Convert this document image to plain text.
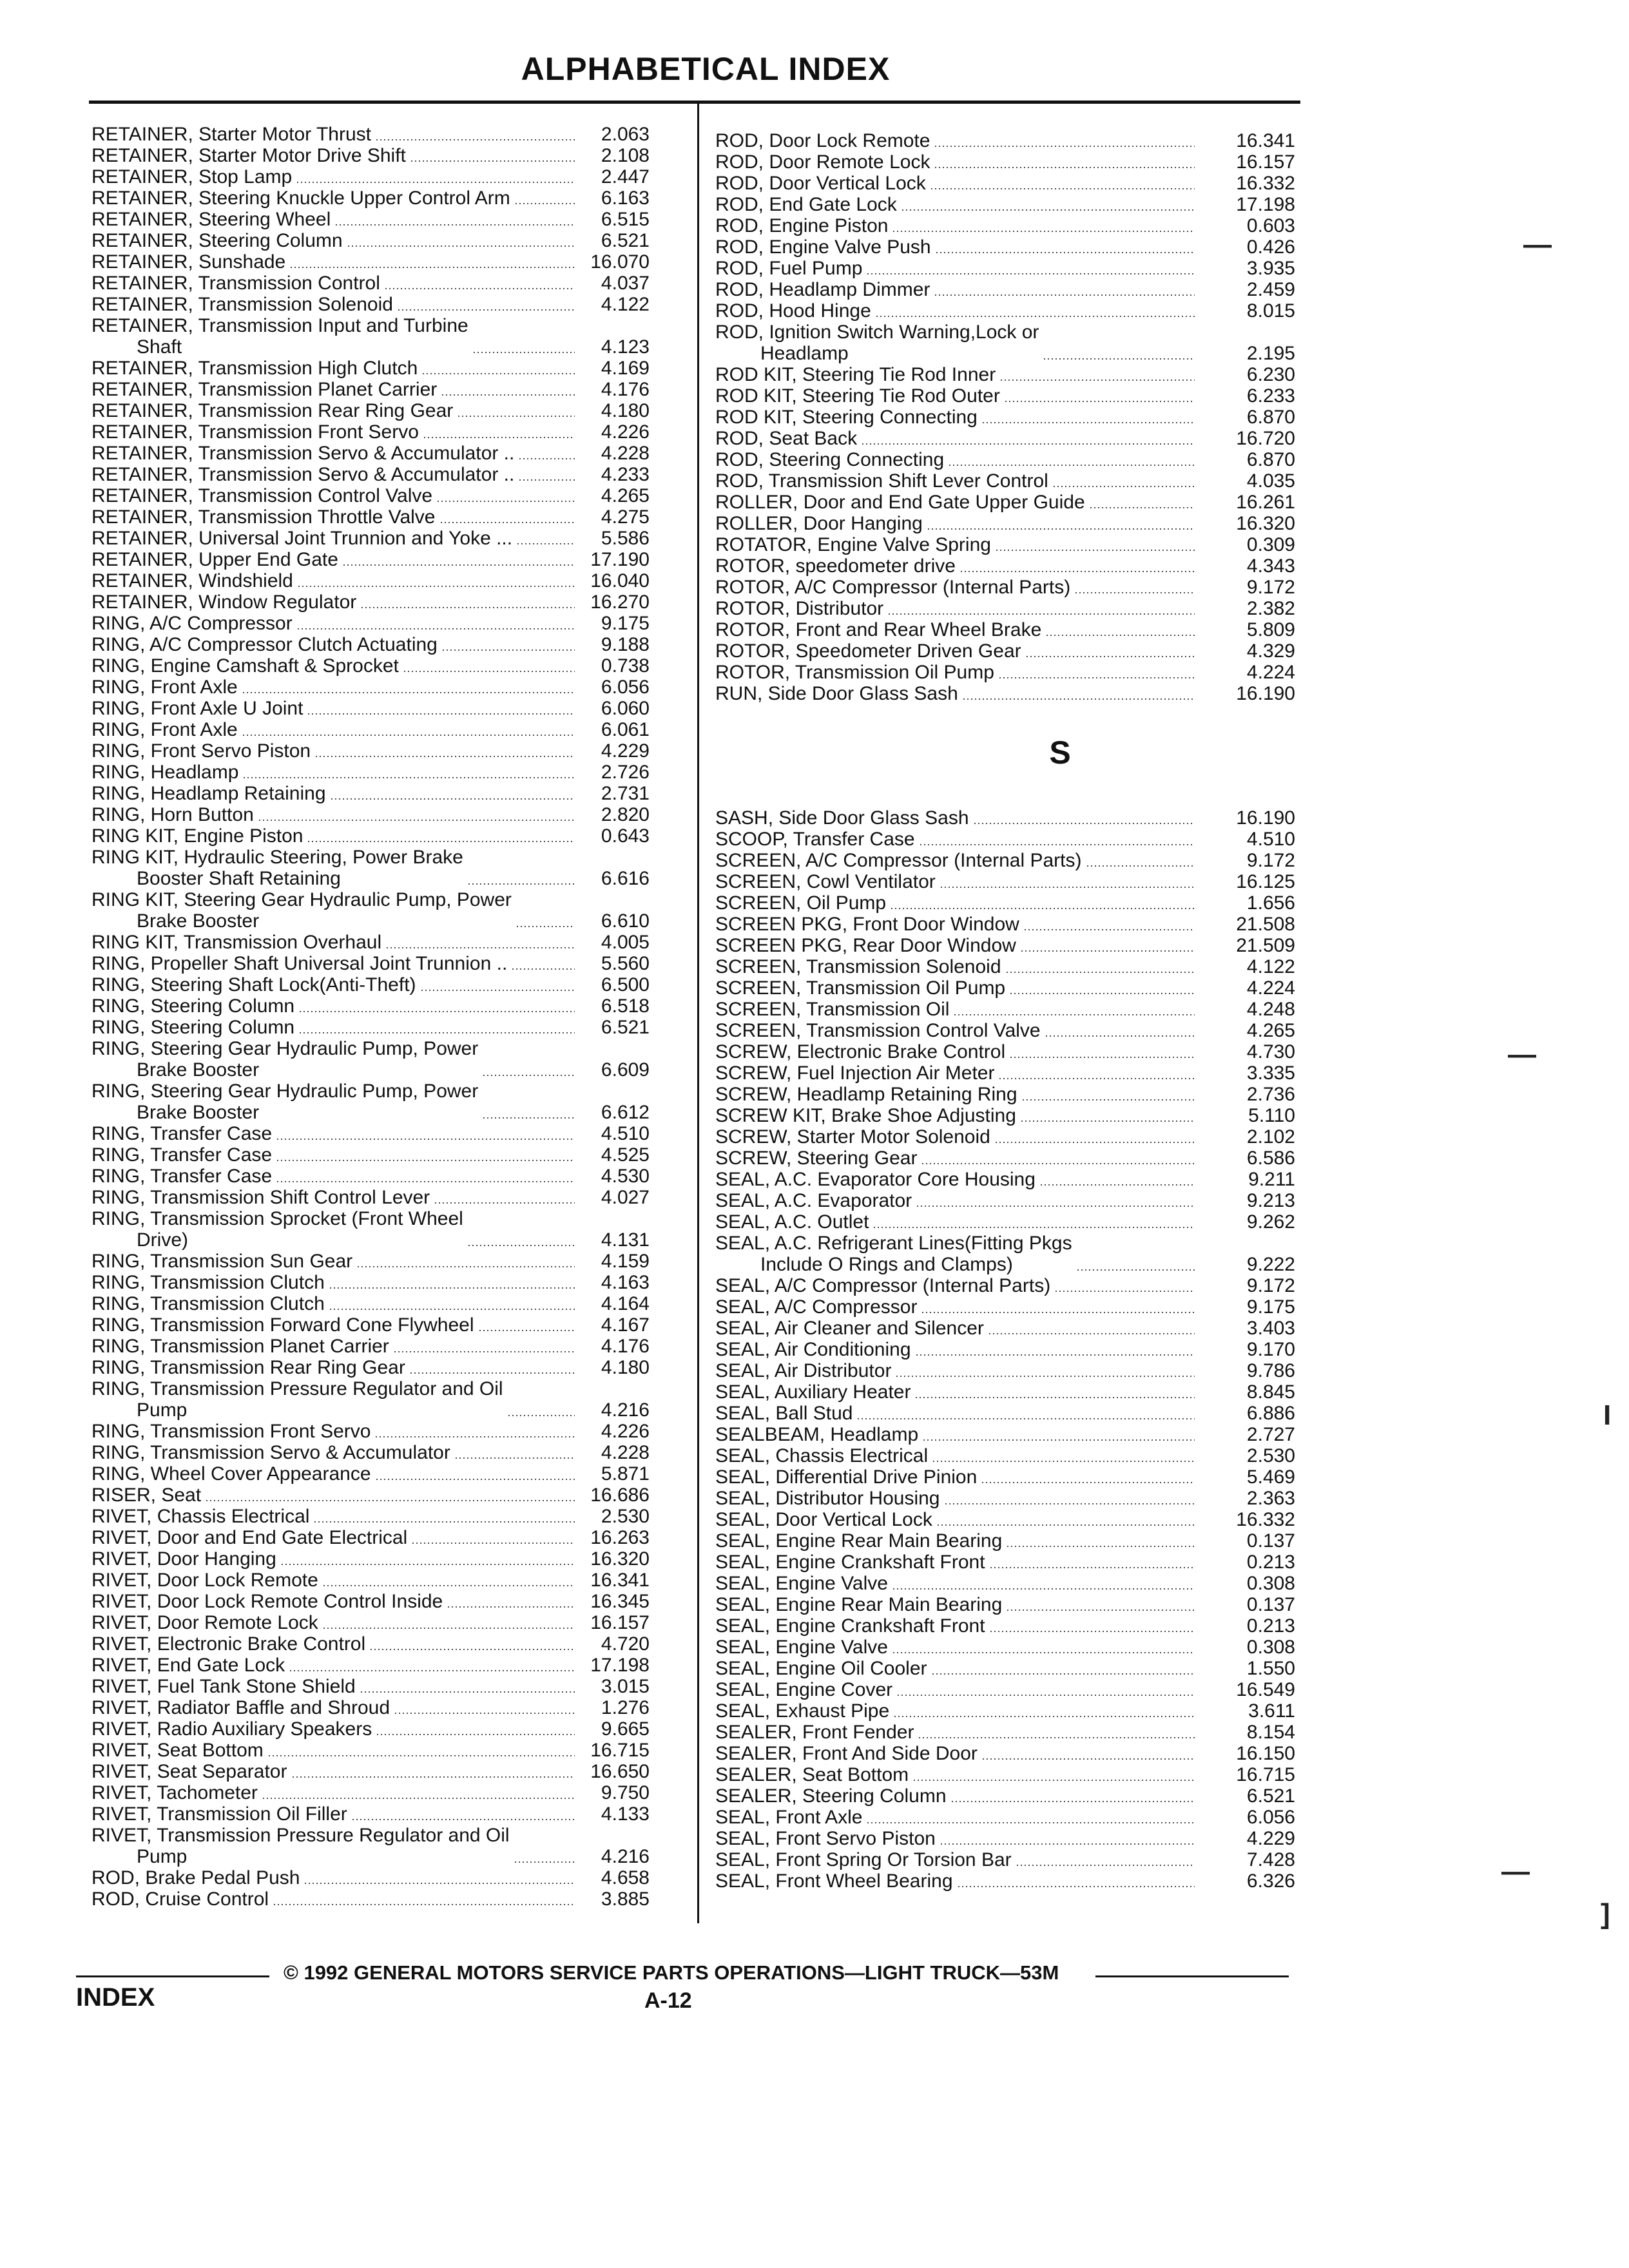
ALPHABETICAL INDEX
RETAINER, Starter Motor Thrust	2.063
RETAINER, Starter Motor Drive Shift	2.108
RETAINER, Stop Lamp	2.447
RETAINER, Steering Knuckle Upper Control Arm	6.163
RETAINER, Steering Wheel	6.515
RETAINER, Steering Column	6.521
RETAINER, Sunshade	16.070
RETAINER, Transmission Control	4.037
RETAINER, Transmission Solenoid	4.122
RETAINER, Transmission Input and Turbine
Shaft	4.123
RETAINER, Transmission High Clutch	4.169
RETAINER, Transmission Planet Carrier	4.176
RETAINER, Transmission Rear Ring Gear	4.180
RETAINER, Transmission Front Servo	4.226
RETAINER, Transmission Servo & Accumulator ..	4.228
RETAINER, Transmission Servo & Accumulator ..	4.233
RETAINER, Transmission Control Valve	4.265
RETAINER, Transmission Throttle Valve	4.275
RETAINER, Universal Joint Trunnion and Yoke ...	5.586
RETAINER, Upper End Gate	17.190
RETAINER, Windshield	16.040
RETAINER, Window Regulator	16.270
RING, A/C Compressor	9.175
RING, A/C Compressor Clutch Actuating	9.188
RING, Engine Camshaft & Sprocket	0.738
RING, Front Axle	6.056
RING, Front Axle U Joint	6.060
RING, Front Axle	6.061
RING, Front Servo Piston	4.229
RING, Headlamp	2.726
RING, Headlamp Retaining	2.731
RING, Horn Button	2.820
RING KIT, Engine Piston	0.643
RING KIT, Hydraulic Steering, Power Brake
Booster Shaft Retaining	6.616
RING KIT, Steering Gear Hydraulic Pump, Power
Brake Booster	6.610
RING KIT, Transmission Overhaul	4.005
RING, Propeller Shaft Universal Joint Trunnion ..	5.560
RING, Steering Shaft Lock(Anti-Theft)	6.500
RING, Steering Column	6.518
RING, Steering Column	6.521
RING, Steering Gear Hydraulic Pump, Power
Brake Booster	6.609
RING, Steering Gear Hydraulic Pump, Power
Brake Booster	6.612
RING, Transfer Case	4.510
RING, Transfer Case	4.525
RING, Transfer Case	4.530
RING, Transmission Shift Control Lever	4.027
RING, Transmission Sprocket (Front Wheel
Drive)	4.131
RING, Transmission Sun Gear	4.159
RING, Transmission Clutch	4.163
RING, Transmission Clutch	4.164
RING, Transmission Forward Cone Flywheel	4.167
RING, Transmission Planet Carrier	4.176
RING, Transmission Rear Ring Gear	4.180
RING, Transmission Pressure Regulator and Oil
Pump	4.216
RING, Transmission Front Servo	4.226
RING, Transmission Servo & Accumulator	4.228
RING, Wheel Cover Appearance	5.871
RISER, Seat	16.686
RIVET, Chassis Electrical	2.530
RIVET, Door and End Gate Electrical	16.263
RIVET, Door Hanging	16.320
RIVET, Door Lock Remote	16.341
RIVET, Door Lock Remote Control Inside	16.345
RIVET, Door Remote Lock	16.157
RIVET, Electronic Brake Control	4.720
RIVET, End Gate Lock	17.198
RIVET, Fuel Tank Stone Shield	3.015
RIVET, Radiator Baffle and Shroud	1.276
RIVET, Radio Auxiliary Speakers	9.665
RIVET, Seat Bottom	16.715
RIVET, Seat Separator	16.650
RIVET, Tachometer	9.750
RIVET, Transmission Oil Filler	4.133
RIVET, Transmission Pressure Regulator and Oil
Pump	4.216
ROD, Brake Pedal Push	4.658
ROD, Cruise Control	3.885
ROD, Door Lock Remote	16.341
ROD, Door Remote Lock	16.157
ROD, Door Vertical Lock	16.332
ROD, End Gate Lock	17.198
ROD, Engine Piston	0.603
ROD, Engine Valve Push	0.426
ROD, Fuel Pump	3.935
ROD, Headlamp Dimmer	2.459
ROD, Hood Hinge	8.015
ROD, Ignition Switch Warning,Lock or
Headlamp	2.195
ROD KIT, Steering Tie Rod Inner	6.230
ROD KIT, Steering Tie Rod Outer	6.233
ROD KIT, Steering Connecting	6.870
ROD, Seat Back	16.720
ROD, Steering Connecting	6.870
ROD, Transmission Shift Lever Control	4.035
ROLLER, Door and End Gate Upper Guide	16.261
ROLLER, Door Hanging	16.320
ROTATOR, Engine Valve Spring	0.309
ROTOR, speedometer drive	4.343
ROTOR, A/C Compressor (Internal Parts)	9.172
ROTOR, Distributor	2.382
ROTOR, Front and Rear Wheel Brake	5.809
ROTOR, Speedometer Driven Gear	4.329
ROTOR, Transmission Oil Pump	4.224
RUN, Side Door Glass Sash	16.190
S
SASH, Side Door Glass Sash	16.190
SCOOP, Transfer Case	4.510
SCREEN, A/C Compressor (Internal Parts)	9.172
SCREEN, Cowl Ventilator	16.125
SCREEN, Oil Pump	1.656
SCREEN PKG, Front Door Window	21.508
SCREEN PKG, Rear Door Window	21.509
SCREEN, Transmission Solenoid	4.122
SCREEN, Transmission Oil Pump	4.224
SCREEN, Transmission Oil	4.248
SCREEN, Transmission Control Valve	4.265
SCREW, Electronic Brake Control	4.730
SCREW, Fuel Injection Air Meter	3.335
SCREW, Headlamp Retaining Ring	2.736
SCREW KIT, Brake Shoe Adjusting	5.110
SCREW, Starter Motor Solenoid	2.102
SCREW, Steering Gear	6.586
SEAL, A.C. Evaporator Core Housing	9.211
SEAL, A.C. Evaporator	9.213
SEAL, A.C. Outlet	9.262
SEAL, A.C. Refrigerant Lines(Fitting Pkgs
Include O Rings and Clamps)	9.222
SEAL, A/C Compressor (Internal Parts)	9.172
SEAL, A/C Compressor	9.175
SEAL, Air Cleaner and Silencer	3.403
SEAL, Air Conditioning	9.170
SEAL, Air Distributor	9.786
SEAL, Auxiliary Heater	8.845
SEAL, Ball Stud	6.886
SEALBEAM, Headlamp	2.727
SEAL, Chassis Electrical	2.530
SEAL, Differential Drive Pinion	5.469
SEAL, Distributor Housing	2.363
SEAL, Door Vertical Lock	16.332
SEAL, Engine Rear Main Bearing	0.137
SEAL, Engine Crankshaft Front	0.213
SEAL, Engine Valve	0.308
SEAL, Engine Rear Main Bearing	0.137
SEAL, Engine Crankshaft Front	0.213
SEAL, Engine Valve	0.308
SEAL, Engine Oil Cooler	1.550
SEAL, Engine Cover	16.549
SEAL, Exhaust Pipe	3.611
SEALER, Front Fender	8.154
SEALER, Front And Side Door	16.150
SEALER, Seat Bottom	16.715
SEALER, Steering Column	6.521
SEAL, Front Axle	6.056
SEAL, Front Servo Piston	4.229
SEAL, Front Spring Or Torsion Bar	7.428
SEAL, Front Wheel Bearing	6.326
—
—
I
—
]
© 1992 GENERAL MOTORS SERVICE PARTS OPERATIONS—LIGHT TRUCK—53M
INDEX	A-12
